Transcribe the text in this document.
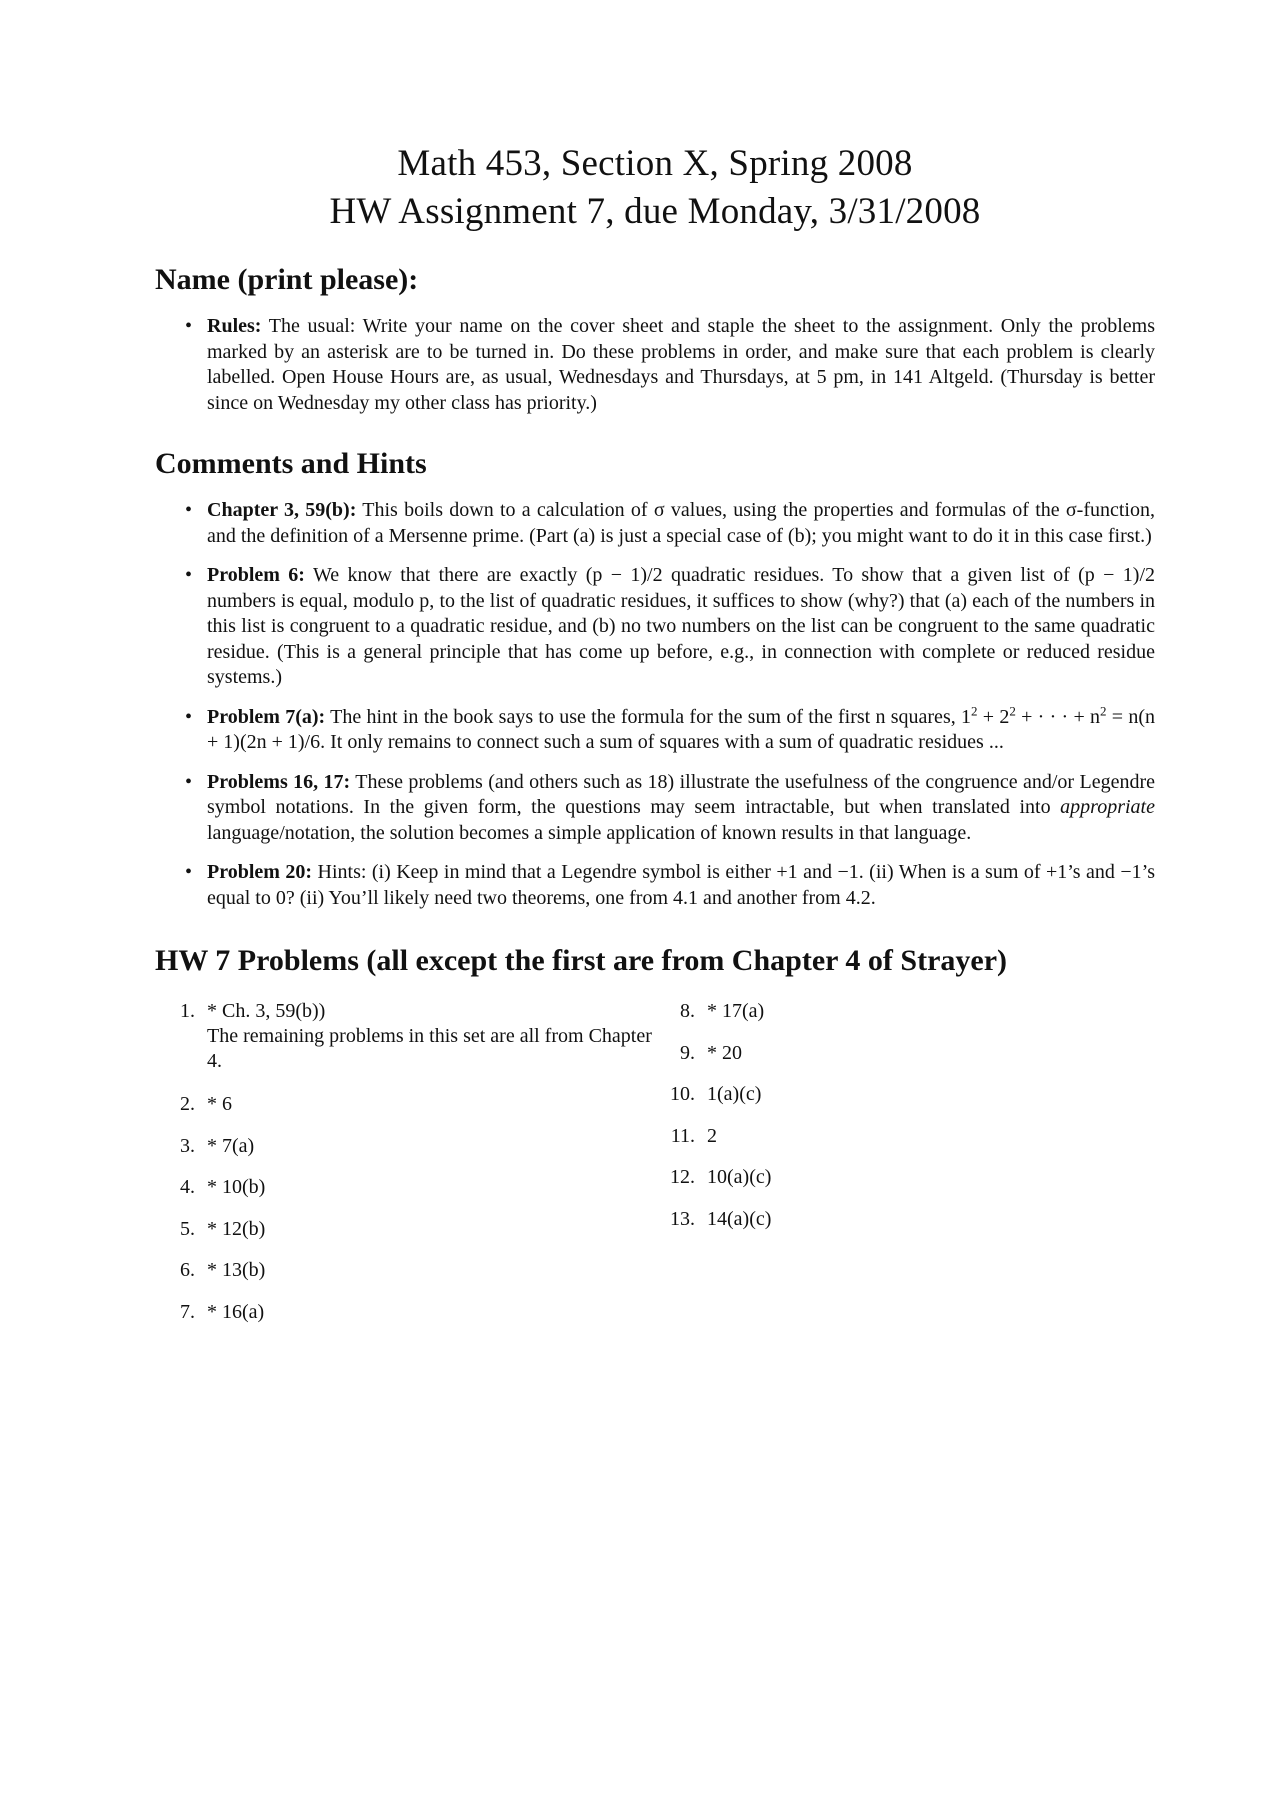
Math 453, Section X, Spring 2008
HW Assignment 7, due Monday, 3/31/2008
Name (print please):
• Rules: The usual: Write your name on the cover sheet and staple the sheet to the assignment. Only the problems marked by an asterisk are to be turned in. Do these problems in order, and make sure that each problem is clearly labelled. Open House Hours are, as usual, Wednesdays and Thursdays, at 5 pm, in 141 Altgeld. (Thursday is better since on Wednesday my other class has priority.)
Comments and Hints
• Chapter 3, 59(b): This boils down to a calculation of σ values, using the properties and formulas of the σ-function, and the definition of a Mersenne prime. (Part (a) is just a special case of (b); you might want to do it in this case first.)
• Problem 6: We know that there are exactly (p − 1)/2 quadratic residues. To show that a given list of (p − 1)/2 numbers is equal, modulo p, to the list of quadratic residues, it suffices to show (why?) that (a) each of the numbers in this list is congruent to a quadratic residue, and (b) no two numbers on the list can be congruent to the same quadratic residue. (This is a general principle that has come up before, e.g., in connection with complete or reduced residue systems.)
• Problem 7(a): The hint in the book says to use the formula for the sum of the first n squares, $1^2 + 2^2$ + · · · + $n^2 = n(n + 1)(2n + 1)/6$. It only remains to connect such a sum of squares with a sum of quadratic residues ...
• Problems 16, 17: These problems (and others such as 18) illustrate the usefulness of the congruence and/or Legendre symbol notations. In the given form, the questions may seem intractable, but when translated into appropriate language/notation, the solution becomes a simple application of known results in that language.
• Problem 20: Hints: (i) Keep in mind that a Legendre symbol is either +1 and −1. (ii) When is a sum of +1’s and −1’s equal to 0? (ii) You’ll likely need two theorems, one from 4.1 and another from 4.2.
HW 7 Problems (all except the first are from Chapter 4 of Strayer)
1. * Ch. 3, 59(b))
The remaining problems in this set are all from Chapter 4.
2. * 6
3. * 7(a)
4. * 10(b)
5. * 12(b)
6. * 13(b)
7. * 16(a)
8. * 17(a)
9. * 20
10. 1(a)(c)
11. 2
12. 10(a)(c)
13. 14(a)(c)
